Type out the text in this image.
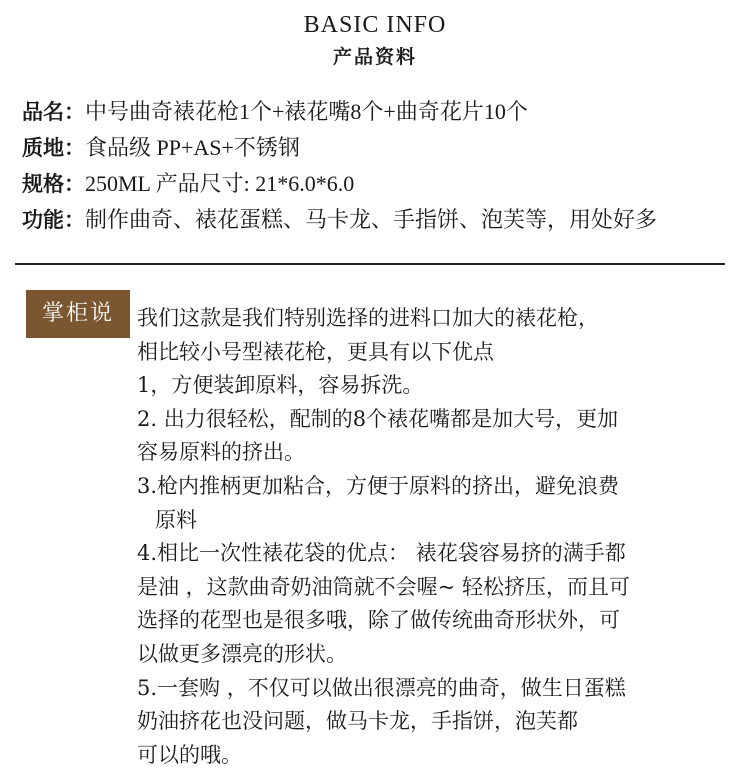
BASIC INFO
产品资料
品名：中号曲奇裱花枪1个+裱花嘴8个+曲奇花片10个
质地：食品级 PP+AS+不锈钢
规格：250ML 产品尺寸: 21*6.0*6.0
功能：制作曲奇、裱花蛋糕、马卡龙、手指饼、泡芙等，用处好多
掌柜说	我们这款是我们特别选择的进料口加大的裱花枪，
相比较小号型裱花枪，更具有以下优点
1，方便装卸原料，容易拆洗。
2. 出力很轻松，配制的8个裱花嘴都是加大号，更加
容易原料的挤出。
3.枪内推柄更加粘合，方便于原料的挤出，避免浪费
原料
4.相比一次性裱花袋的优点： 裱花袋容易挤的满手都
是油 ，这款曲奇奶油筒就不会喔~ 轻松挤压，而且可
选择的花型也是很多哦，除了做传统曲奇形状外，可
以做更多漂亮的形状。
5.一套购 ，不仅可以做出很漂亮的曲奇，做生日蛋糕
奶油挤花也没问题，做马卡龙，手指饼，泡芙都
可以的哦。
